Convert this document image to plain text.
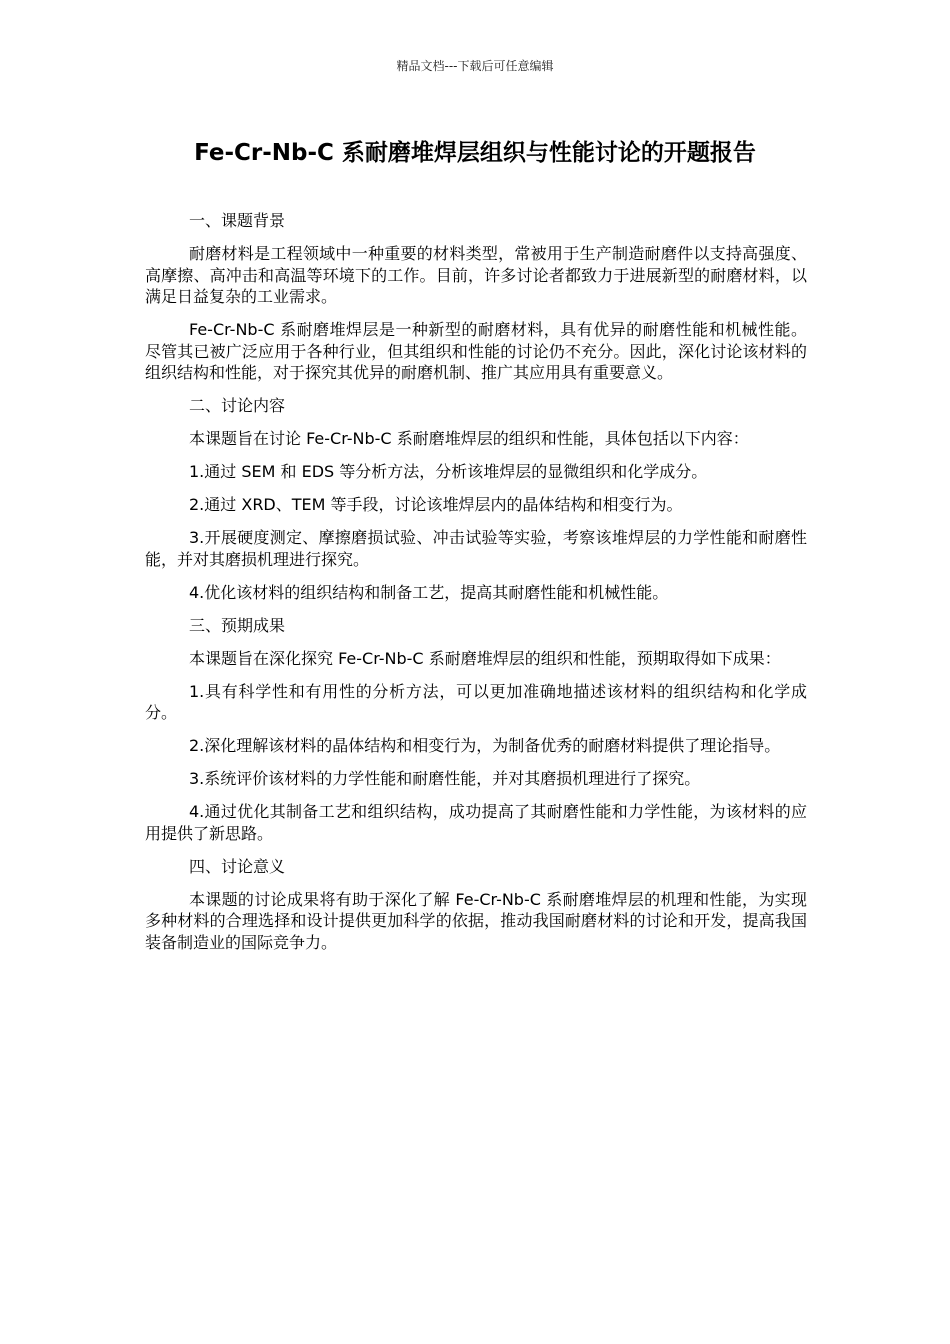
精品文档---下载后可任意编辑
Fe-Cr-Nb-C 系耐磨堆焊层组织与性能讨论的开题报告

一、课题背景

耐磨材料是工程领域中一种重要的材料类型，常被用于生产制造耐磨件以支持高强度、高摩擦、高冲击和高温等环境下的工作。目前，许多讨论者都致力于进展新型的耐磨材料，以满足日益复杂的工业需求。

Fe-Cr-Nb-C 系耐磨堆焊层是一种新型的耐磨材料，具有优异的耐磨性能和机械性能。尽管其已被广泛应用于各种行业，但其组织和性能的讨论仍不充分。因此，深化讨论该材料的组织结构和性能，对于探究其优异的耐磨机制、推广其应用具有重要意义。

二、讨论内容

本课题旨在讨论 Fe-Cr-Nb-C 系耐磨堆焊层的组织和性能，具体包括以下内容：

1.通过 SEM 和 EDS 等分析方法，分析该堆焊层的显微组织和化学成分。

2.通过 XRD、TEM 等手段，讨论该堆焊层内的晶体结构和相变行为。

3.开展硬度测定、摩擦磨损试验、冲击试验等实验，考察该堆焊层的力学性能和耐磨性能，并对其磨损机理进行探究。

4.优化该材料的组织结构和制备工艺，提高其耐磨性能和机械性能。

三、预期成果

本课题旨在深化探究 Fe-Cr-Nb-C 系耐磨堆焊层的组织和性能，预期取得如下成果：

1.具有科学性和有用性的分析方法，可以更加准确地描述该材料的组织结构和化学成分。

2.深化理解该材料的晶体结构和相变行为，为制备优秀的耐磨材料提供了理论指导。

3.系统评价该材料的力学性能和耐磨性能，并对其磨损机理进行了探究。

4.通过优化其制备工艺和组织结构，成功提高了其耐磨性能和力学性能，为该材料的应用提供了新思路。

四、讨论意义

本课题的讨论成果将有助于深化了解 Fe-Cr-Nb-C 系耐磨堆焊层的机理和性能，为实现多种材料的合理选择和设计提供更加科学的依据，推动我国耐磨材料的讨论和开发，提高我国装备制造业的国际竞争力。
